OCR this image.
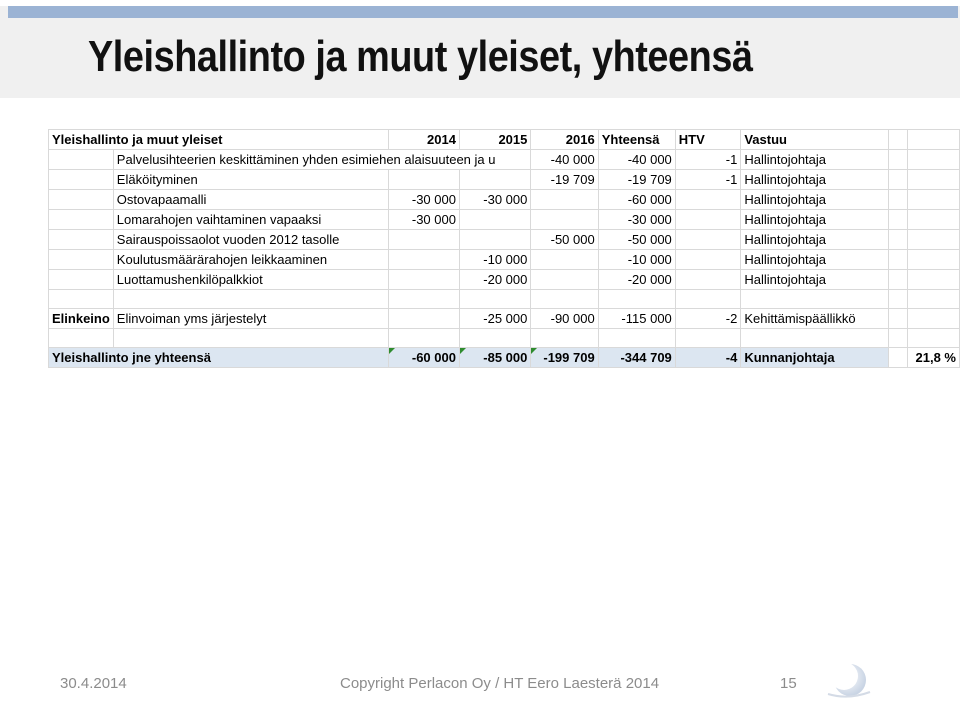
Yleishallinto ja muut yleiset, yhteensä
Yleishallinto ja muut yleiset		2014	2015	2016	Yhteensä	HTV	Vastuu		
	Palvelusihteerien keskittäminen yhden esimiehen alaisuuteen ja u			-40 000	-40 000	-1	Hallintojohtaja		
	Eläköityminen			-19 709	-19 709	-1	Hallintojohtaja		
	Ostovapaamalli	-30 000	-30 000		-60 000		Hallintojohtaja		
	Lomarahojen vaihtaminen vapaaksi	-30 000			-30 000		Hallintojohtaja		
	Sairauspoissaolot vuoden 2012 tasolle			-50 000	-50 000		Hallintojohtaja		
	Koulutusmäärärahojen leikkaaminen		-10 000		-10 000		Hallintojohtaja		
	Luottamushenkilöpalkkiot		-20 000		-20 000		Hallintojohtaja		

Elinkeino	Elinvoiman yms järjestelyt		-25 000	-90 000	-115 000	-2	Kehittämispäällikkö		

Yleishallinto jne yhteensä		-60 000	-85 000	-199 709	-344 709	-4	Kunnanjohtaja		21,8 %
30.4.2014	Copyright Perlacon Oy / HT Eero Laesterä 2014	15
